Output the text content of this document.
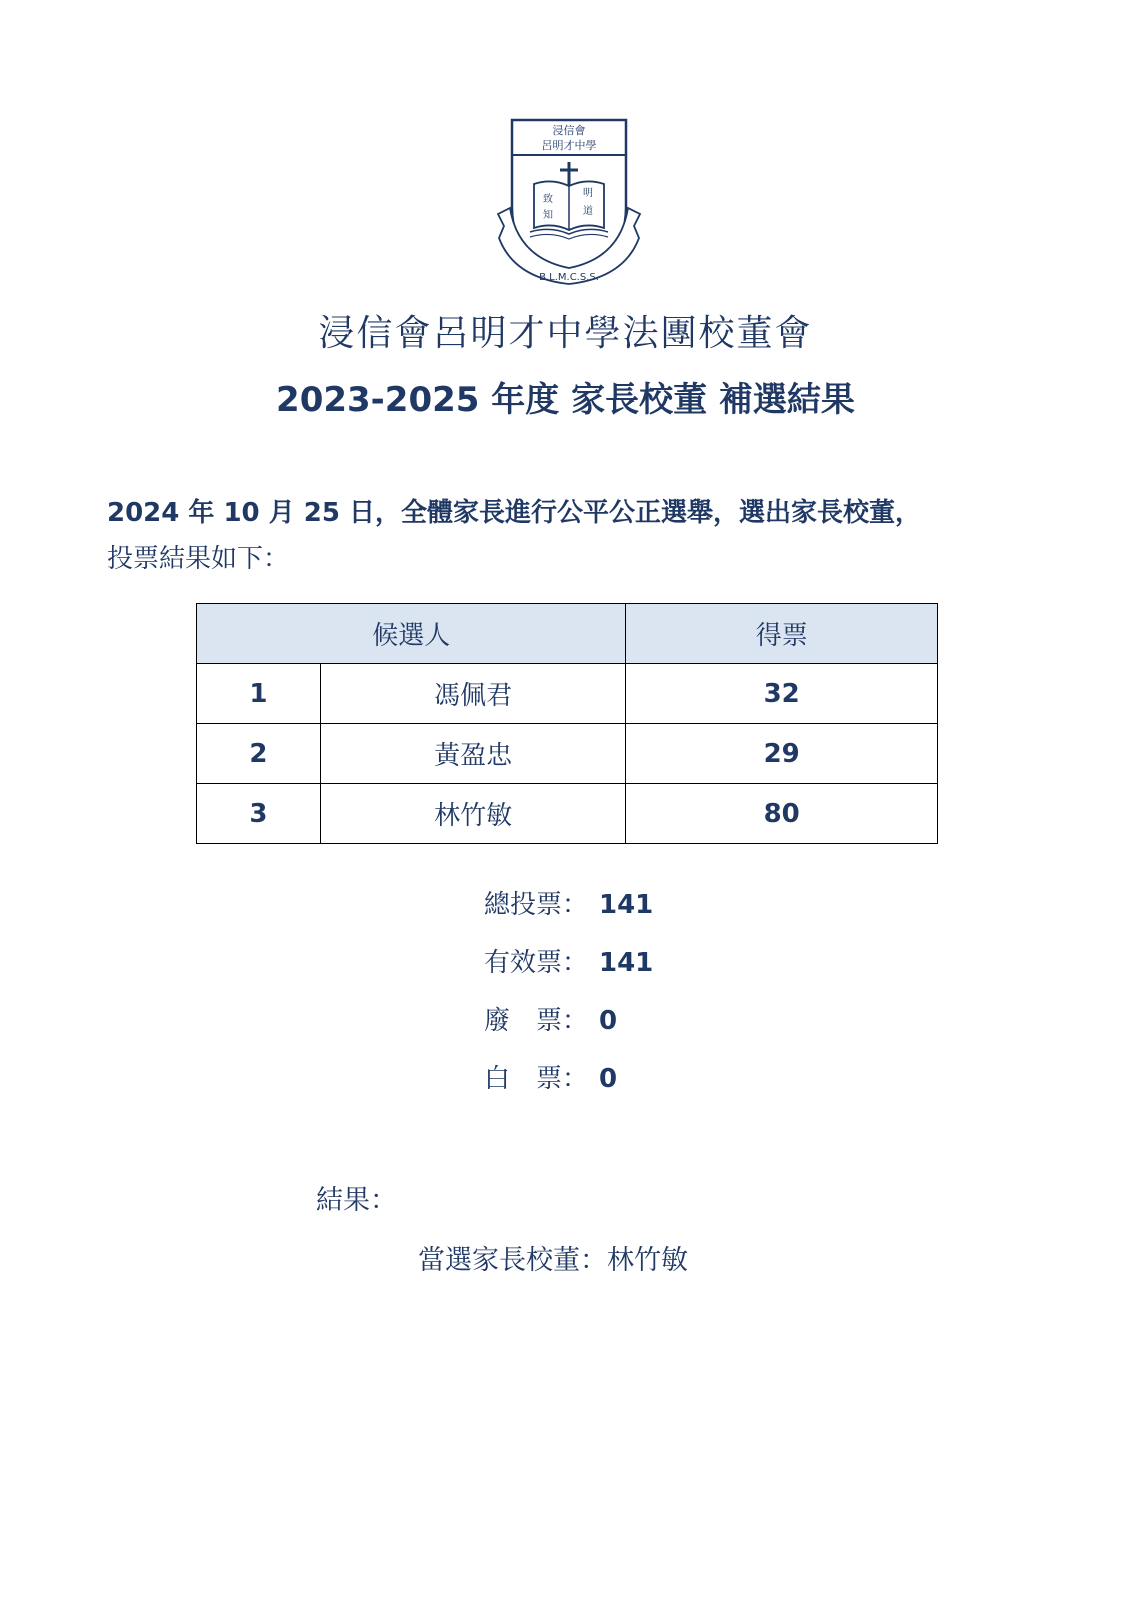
浸信會
呂明才中學
致知
明道
B.L.M.C.S.S.
浸信會呂明才中學法團校董會
2023-2025 年度 家長校董 補選結果
2024 年 10 月 25 日，全體家長進行公平公正選舉，選出家長校董，
投票結果如下：
候選人		得票
1	馮佩君	32
2	黃盈忠	29
3	林竹敏	80
總投票： 141
有效票： 141
廢　票： 0
白　票： 0
結果：
當選家長校董：林竹敏
